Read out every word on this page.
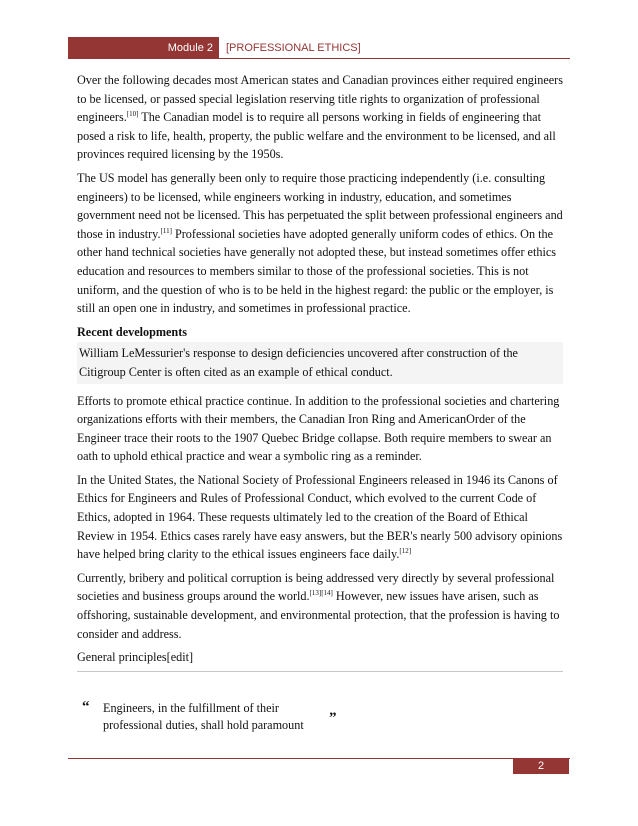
Module 2	[PROFESSIONAL ETHICS]

Over the following decades most American states and Canadian provinces either required engineers to be licensed, or passed special legislation reserving title rights to organization of professional engineers.[10] The Canadian model is to require all persons working in fields of engineering that posed a risk to life, health, property, the public welfare and the environment to be licensed, and all provinces required licensing by the 1950s.

The US model has generally been only to require those practicing independently (i.e. consulting engineers) to be licensed, while engineers working in industry, education, and sometimes government need not be licensed. This has perpetuated the split between professional engineers and those in industry.[11] Professional societies have adopted generally uniform codes of ethics. On the other hand technical societies have generally not adopted these, but instead sometimes offer ethics education and resources to members similar to those of the professional societies. This is not uniform, and the question of who is to be held in the highest regard: the public or the employer, is still an open one in industry, and sometimes in professional practice.

Recent developments
William LeMessurier's response to design deficiencies uncovered after construction of the Citigroup Center is often cited as an example of ethical conduct.

Efforts to promote ethical practice continue. In addition to the professional societies and chartering organizations efforts with their members, the Canadian Iron Ring and AmericanOrder of the Engineer trace their roots to the 1907 Quebec Bridge collapse. Both require members to swear an oath to uphold ethical practice and wear a symbolic ring as a reminder.

In the United States, the National Society of Professional Engineers released in 1946 its Canons of Ethics for Engineers and Rules of Professional Conduct, which evolved to the current Code of Ethics, adopted in 1964. These requests ultimately led to the creation of the Board of Ethical Review in 1954. Ethics cases rarely have easy answers, but the BER's nearly 500 advisory opinions have helped bring clarity to the ethical issues engineers face daily.[12]

Currently, bribery and political corruption is being addressed very directly by several professional societies and business groups around the world.[13][14] However, new issues have arisen, such as offshoring, sustainable development, and environmental protection, that the profession is having to consider and address.

General principles[edit]
“ Engineers, in the fulfillment of their professional duties, shall hold paramount	”
2
